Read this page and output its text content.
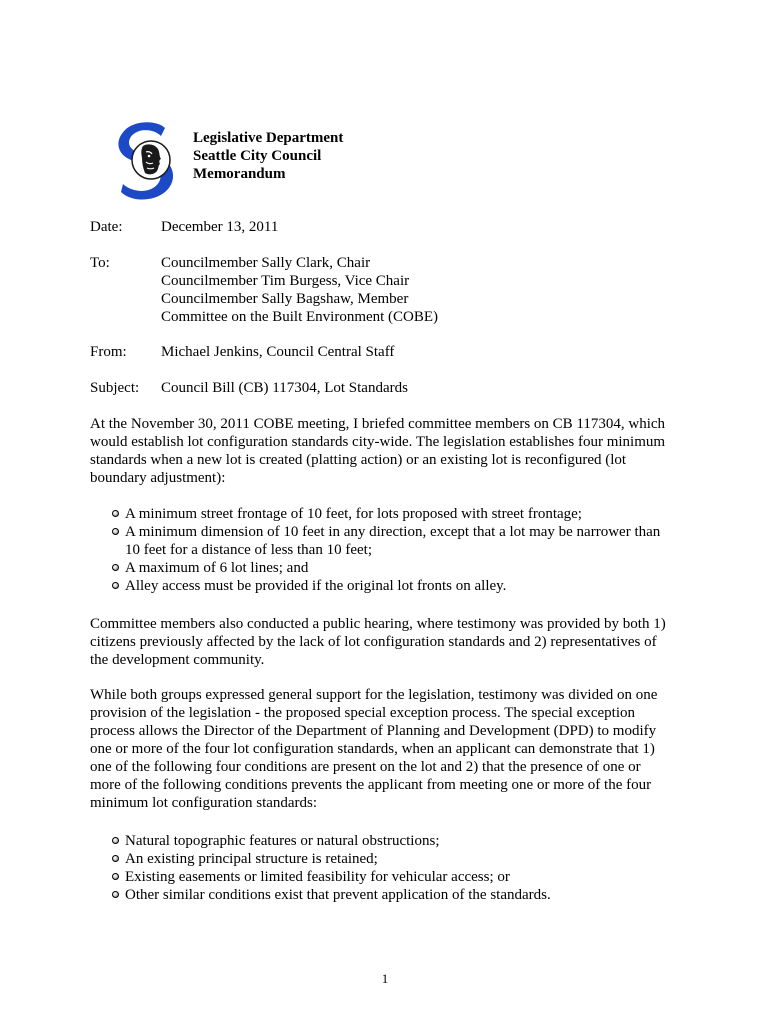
Legislative Department
Seattle City Council
Memorandum
Date:	December 13, 2011
To:	Councilmember Sally Clark, Chair
Councilmember Tim Burgess, Vice Chair
Councilmember Sally Bagshaw, Member
Committee on the Built Environment (COBE)
From:	Michael Jenkins, Council Central Staff
Subject:	Council Bill (CB) 117304, Lot Standards
At the November 30, 2011 COBE meeting, I briefed committee members on CB 117304, which
would establish lot configuration standards city-wide. The legislation establishes four minimum
standards when a new lot is created (platting action) or an existing lot is reconfigured (lot
boundary adjustment):
A minimum street frontage of 10 feet, for lots proposed with street frontage;
A minimum dimension of 10 feet in any direction, except that a lot may be narrower than
10 feet for a distance of less than 10 feet;
A maximum of 6 lot lines; and
Alley access must be provided if the original lot fronts on alley.
Committee members also conducted a public hearing, where testimony was provided by both 1)
citizens previously affected by the lack of lot configuration standards and 2) representatives of
the development community.
While both groups expressed general support for the legislation, testimony was divided on one
provision of the legislation - the proposed special exception process. The special exception
process allows the Director of the Department of Planning and Development (DPD) to modify
one or more of the four lot configuration standards, when an applicant can demonstrate that 1)
one of the following four conditions are present on the lot and 2) that the presence of one or
more of the following conditions prevents the applicant from meeting one or more of the four
minimum lot configuration standards:
Natural topographic features or natural obstructions;
An existing principal structure is retained;
Existing easements or limited feasibility for vehicular access; or
Other similar conditions exist that prevent application of the standards.
1
